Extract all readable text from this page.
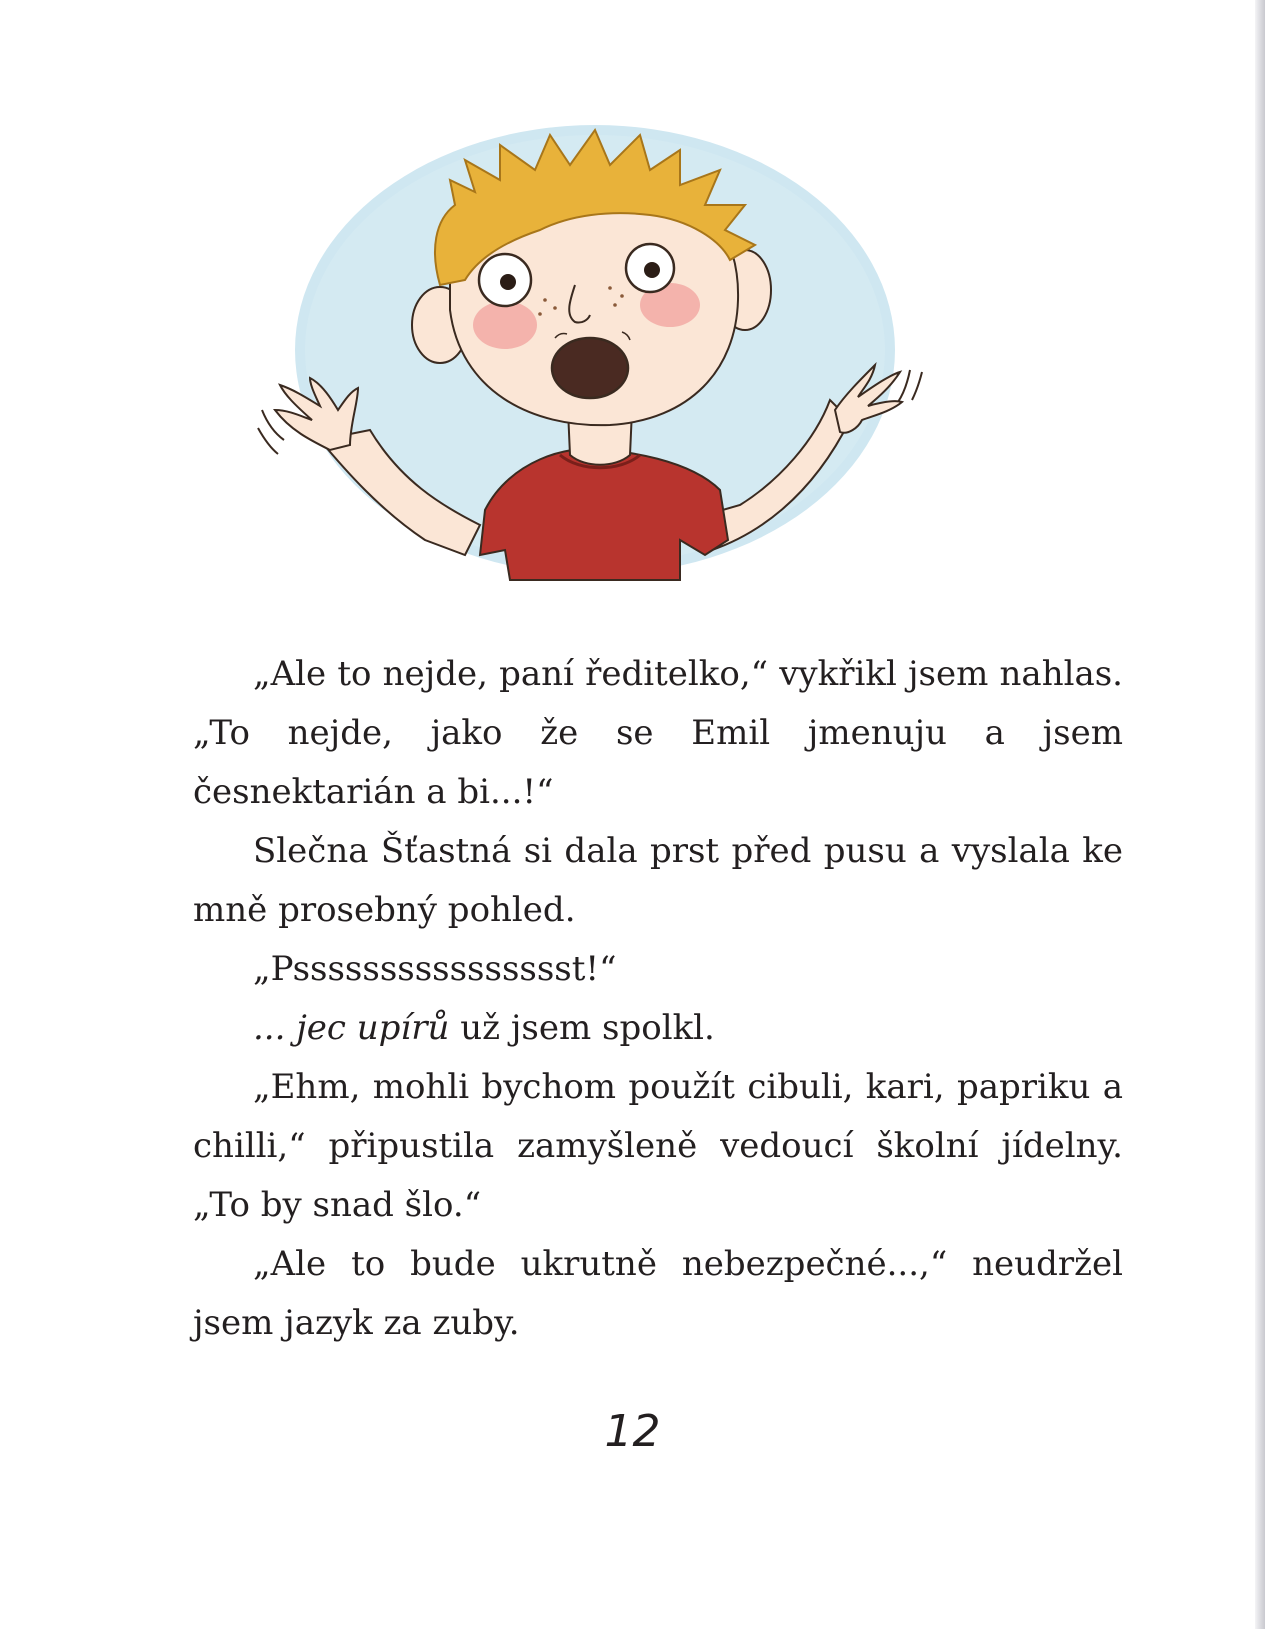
„Ale to nejde, paní ředitelko,“ vykřikl jsem nahlas. „To nejde, jako že se Emil jmenuju a jsem česnektarián a bi...!“

Slečna Šťastná si dala prst před pusu a vyslala ke mně prosebný pohled.

„Psssssssssssssssst!“

... jec upírů už jsem spolkl.

„Ehm, mohli bychom použít cibuli, kari, papriku a chilli,“ připustila zamyšleně vedoucí školní jídelny. „To by snad šlo.“

„Ale to bude ukrutně nebezpečné...,“ neudržel jsem jazyk za zuby.

12
